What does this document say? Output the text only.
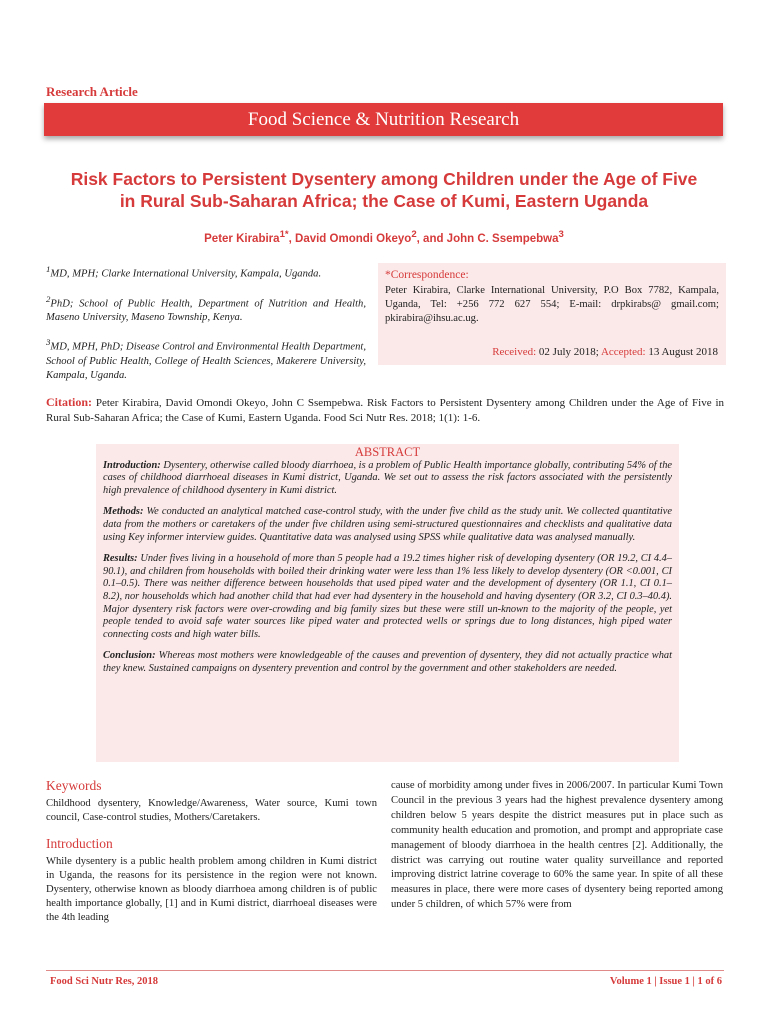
Research Article
Food Science & Nutrition Research
Risk Factors to Persistent Dysentery among Children under the Age of Five
in Rural Sub-Saharan Africa; the Case of Kumi, Eastern Uganda
Peter Kirabira$^{1*}$, David Omondi Okeyo$^2$, and John C. Ssempebwa$^3$

$^1$MD, MPH; Clarke International University, Kampala, Uganda.

$^2$PhD; School of Public Health, Department of Nutrition and Health, Maseno University, Maseno Township, Kenya.

$^3$MD, MPH, PhD; Disease Control and Environmental Health Department, School of Public Health, College of Health Sciences, Makerere University, Kampala, Uganda.

*Correspondence:
Peter Kirabira, Clarke International University, P.O Box 7782, Kampala, Uganda, Tel: +256 772 627 554; E-mail: drpkirabs@ gmail.com; pkirabira@ihsu.ac.ug.
Received: 02 July 2018; Accepted: 13 August 2018
Citation: Peter Kirabira, David Omondi Okeyo, John C Ssempebwa. Risk Factors to Persistent Dysentery among Children under the Age of Five in Rural Sub-Saharan Africa; the Case of Kumi, Eastern Uganda. Food Sci Nutr Res. 2018; 1(1): 1-6.
ABSTRACT

Introduction: Dysentery, otherwise called bloody diarrhoea, is a problem of Public Health importance globally, contributing 54% of the cases of childhood diarrhoeal diseases in Kumi district, Uganda. We set out to assess the risk factors associated with the persistently high prevalence of childhood dysentery in Kumi district.

Methods: We conducted an analytical matched case-control study, with the under five child as the study unit. We collected quantitative data from the mothers or caretakers of the under five children using semi-structured questionnaires and checklists and qualitative data using Key informer interview guides. Quantitative data was analysed using SPSS while qualitative data was analysed manually.

Results: Under fives living in a household of more than 5 people had a 19.2 times higher risk of developing dysentery (OR 19.2, CI 4.4–90.1), and children from households with boiled their drinking water were less than 1% less likely to develop dysentery (OR <0.001, CI 0.1–0.5). There was neither difference between households that used piped water and the development of dysentery (OR 1.1, CI 0.1–8.2), nor households which had another child that had ever had dysentery in the household and having dysentery (OR 3.2, CI 0.3–40.4). Major dysentery risk factors were over-crowding and big family sizes but these were still un-known to the majority of the people, yet people tended to avoid safe water sources like piped water and protected wells or springs due to long distances, high piped water connecting costs and high water bills.

Conclusion: Whereas most mothers were knowledgeable of the causes and prevention of dysentery, they did not actually practice what they knew. Sustained campaigns on dysentery prevention and control by the government and other stakeholders are needed.

Keywords

Childhood dysentery, Knowledge/Awareness, Water source, Kumi town council, Case-control studies, Mothers/Caretakers.

Introduction

While dysentery is a public health problem among children in Kumi district in Uganda, the reasons for its persistence in the region were not known. Dysentery, otherwise known as bloody diarrhoea among children is of public health importance globally, [1] and in Kumi district, diarrhoeal diseases were the 4th leading

cause of morbidity among under fives in 2006/2007. In particular Kumi Town Council in the previous 3 years had the highest prevalence dysentery among children below 5 years despite the district measures put in place such as community health education and promotion, and prompt and appropriate case management of bloody diarrhoea in the health centres [2]. Additionally, the district was carrying out routine water quality surveillance and reported improving district latrine coverage to 60% the same year. In spite of all these measures in place, there were more cases of dysentery being reported among under 5 children, of which 57% were from

Food Sci Nutr Res, 2018	Volume 1 | Issue 1 | 1 of 6
